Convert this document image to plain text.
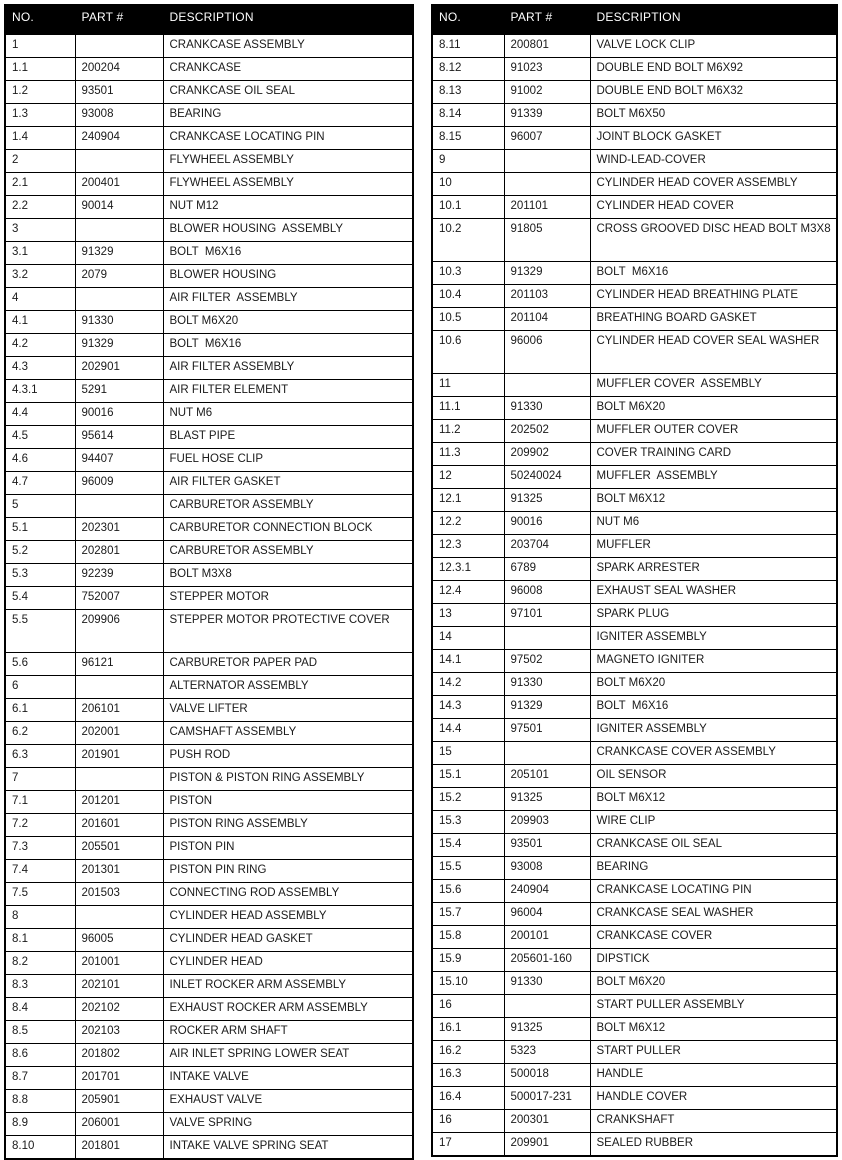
NO.	PART #	DESCRIPTION
1		CRANKCASE ASSEMBLY
1.1	200204	CRANKCASE
1.2	93501	CRANKCASE OIL SEAL
1.3	93008	BEARING
1.4	240904	CRANKCASE LOCATING PIN
2		FLYWHEEL ASSEMBLY
2.1	200401	FLYWHEEL ASSEMBLY
2.2	90014	NUT M12
3		BLOWER HOUSING  ASSEMBLY
3.1	91329	BOLT  M6X16
3.2	2079	BLOWER HOUSING
4		AIR FILTER  ASSEMBLY
4.1	91330	BOLT M6X20
4.2	91329	BOLT  M6X16
4.3	202901	AIR FILTER ASSEMBLY
4.3.1	5291	AIR FILTER ELEMENT
4.4	90016	NUT M6
4.5	95614	BLAST PIPE
4.6	94407	FUEL HOSE CLIP
4.7	96009	AIR FILTER GASKET
5		CARBURETOR ASSEMBLY
5.1	202301	CARBURETOR CONNECTION BLOCK
5.2	202801	CARBURETOR ASSEMBLY
5.3	92239	BOLT M3X8
5.4	752007	STEPPER MOTOR
5.5	209906	STEPPER MOTOR PROTECTIVE COVER
5.6	96121	CARBURETOR PAPER PAD
6		ALTERNATOR ASSEMBLY
6.1	206101	VALVE LIFTER
6.2	202001	CAMSHAFT ASSEMBLY
6.3	201901	PUSH ROD
7		PISTON & PISTON RING ASSEMBLY
7.1	201201	PISTON
7.2	201601	PISTON RING ASSEMBLY
7.3	205501	PISTON PIN
7.4	201301	PISTON PIN RING
7.5	201503	CONNECTING ROD ASSEMBLY
8		CYLINDER HEAD ASSEMBLY
8.1	96005	CYLINDER HEAD GASKET
8.2	201001	CYLINDER HEAD
8.3	202101	INLET ROCKER ARM ASSEMBLY
8.4	202102	EXHAUST ROCKER ARM ASSEMBLY
8.5	202103	ROCKER ARM SHAFT
8.6	201802	AIR INLET SPRING LOWER SEAT
8.7	201701	INTAKE VALVE
8.8	205901	EXHAUST VALVE
8.9	206001	VALVE SPRING
8.10	201801	INTAKE VALVE SPRING SEAT
NO.	PART #	DESCRIPTION
8.11	200801	VALVE LOCK CLIP
8.12	91023	DOUBLE END BOLT M6X92
8.13	91002	DOUBLE END BOLT M6X32
8.14	91339	BOLT M6X50
8.15	96007	JOINT BLOCK GASKET
9		WIND-LEAD-COVER
10		CYLINDER HEAD COVER ASSEMBLY
10.1	201101	CYLINDER HEAD COVER
10.2	91805	CROSS GROOVED DISC HEAD BOLT M3X8
10.3	91329	BOLT  M6X16
10.4	201103	CYLINDER HEAD BREATHING PLATE
10.5	201104	BREATHING BOARD GASKET
10.6	96006	CYLINDER HEAD COVER SEAL WASHER
11		MUFFLER COVER  ASSEMBLY
11.1	91330	BOLT M6X20
11.2	202502	MUFFLER OUTER COVER
11.3	209902	COVER TRAINING CARD
12	50240024	MUFFLER  ASSEMBLY
12.1	91325	BOLT M6X12
12.2	90016	NUT M6
12.3	203704	MUFFLER
12.3.1	6789	SPARK ARRESTER
12.4	96008	EXHAUST SEAL WASHER
13	97101	SPARK PLUG
14		IGNITER ASSEMBLY
14.1	97502	MAGNETO IGNITER
14.2	91330	BOLT M6X20
14.3	91329	BOLT  M6X16
14.4	97501	IGNITER ASSEMBLY
15		CRANKCASE COVER ASSEMBLY
15.1	205101	OIL SENSOR
15.2	91325	BOLT M6X12
15.3	209903	WIRE CLIP
15.4	93501	CRANKCASE OIL SEAL
15.5	93008	BEARING
15.6	240904	CRANKCASE LOCATING PIN
15.7	96004	CRANKCASE SEAL WASHER
15.8	200101	CRANKCASE COVER
15.9	205601-160	DIPSTICK
15.10	91330	BOLT M6X20
16		START PULLER ASSEMBLY
16.1	91325	BOLT M6X12
16.2	5323	START PULLER
16.3	500018	HANDLE
16.4	500017-231	HANDLE COVER
16	200301	CRANKSHAFT
17	209901	SEALED RUBBER
